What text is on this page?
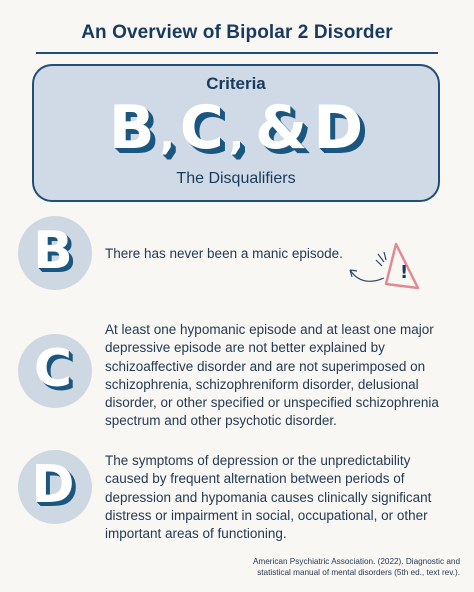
An Overview of Bipolar 2 Disorder
Criteria
B , C , & D
The Disqualifiers
B There has never been a manic episode.
!
C
At least one hypomanic episode and at least one major depressive episode are not better explained by schizoaffective disorder and are not superimposed on schizophrenia, schizophreniform disorder, delusional disorder, or other specified or unspecified schizophrenia spectrum and other psychotic disorder.
D The symptoms of depression or the unpredictability caused by frequent alternation between periods of depression and hypomania causes clinically significant distress or impairment in social, occupational, or other important areas of functioning.
American Psychiatric Association. (2022). Diagnostic and
statistical manual of mental disorders (5th ed., text rev.).
